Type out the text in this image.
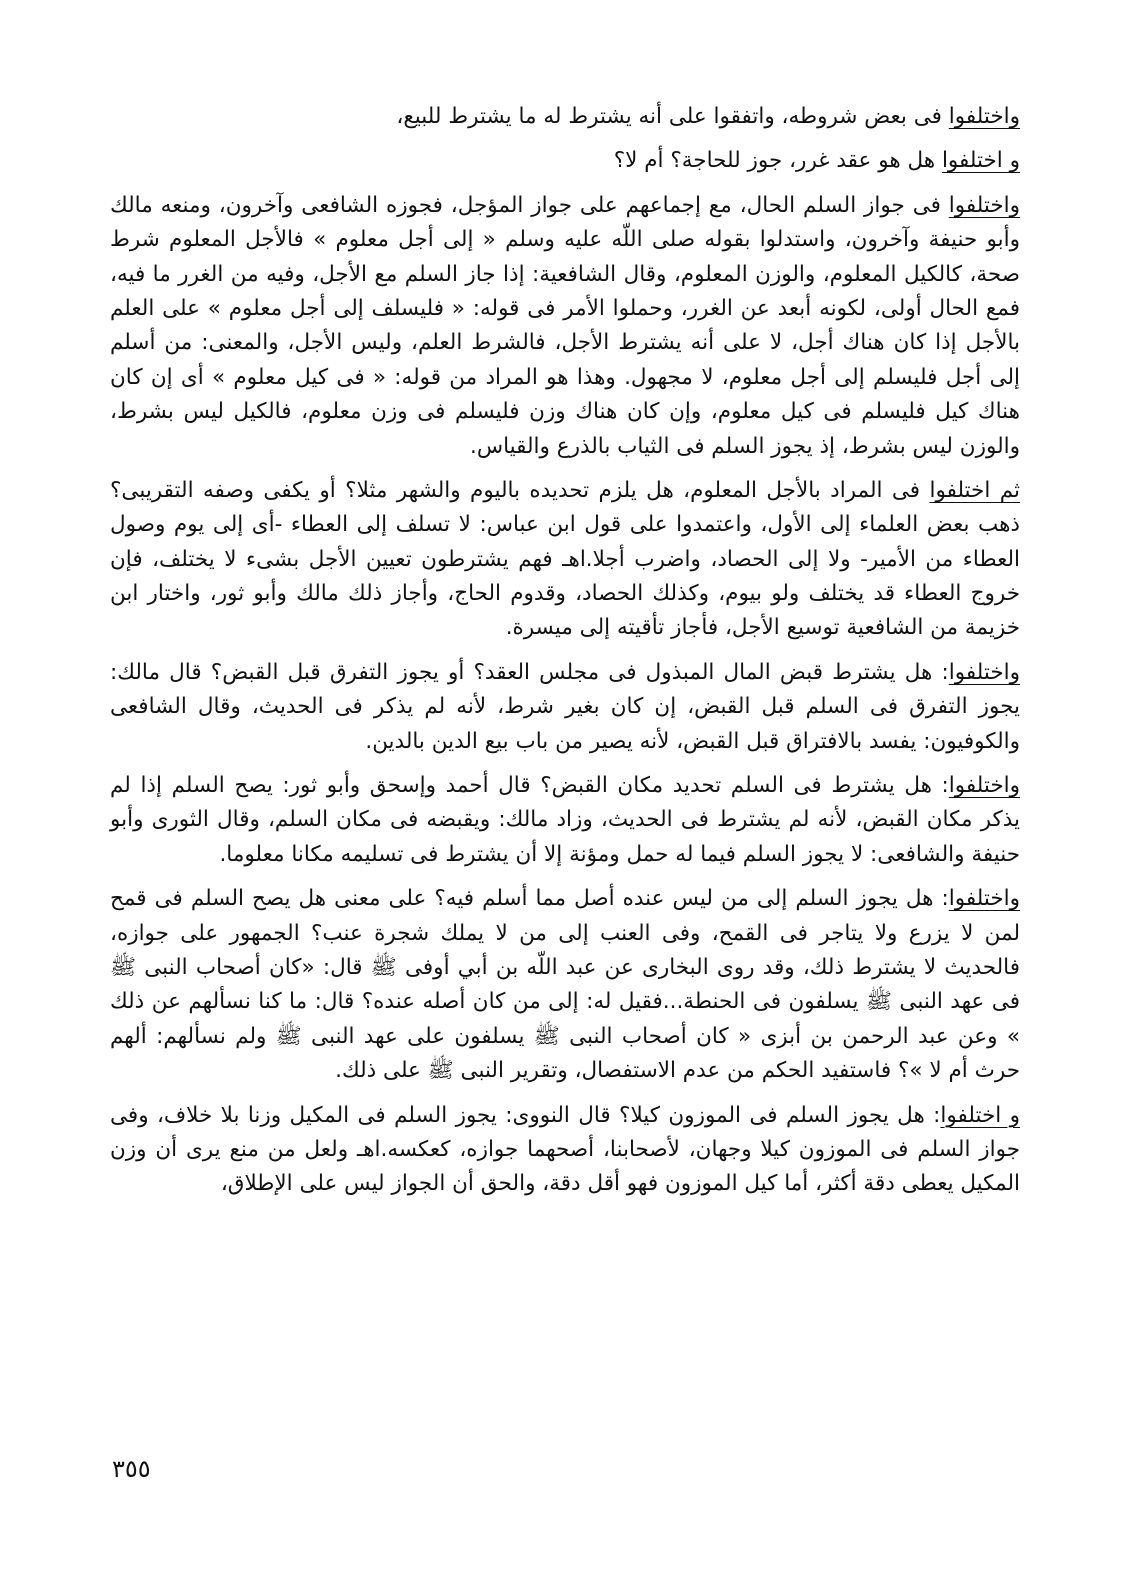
واختلفوا فى بعض شروطه، واتفقوا على أنه يشترط له ما يشترط للبيع،

و اختلفوا هل هو عقد غرر، جوز للحاجة؟ أم لا؟

واختلفوا فى جواز السلم الحال، مع إجماعهم على جواز المؤجل، فجوزه الشافعى وآخرون، ومنعه مالك وأبو حنيفة وآخرون، واستدلوا بقوله صلى اللّه عليه وسلم « إلى أجل معلوم » فالأجل المعلوم شرط صحة، كالكيل المعلوم، والوزن المعلوم، وقال الشافعية: إذا جاز السلم مع الأجل، وفيه من الغرر ما فيه، فمع الحال أولى، لكونه أبعد عن الغرر، وحملوا الأمر فى قوله: « فليسلف إلى أجل معلوم » على العلم بالأجل إذا كان هناك أجل، لا على أنه يشترط الأجل، فالشرط العلم، وليس الأجل، والمعنى: من أسلم إلى أجل فليسلم إلى أجل معلوم، لا مجهول. وهذا هو المراد من قوله: « فى كيل معلوم » أى إن كان هناك كيل فليسلم فى كيل معلوم، وإن كان هناك وزن فليسلم فى وزن معلوم، فالكيل ليس بشرط، والوزن ليس بشرط، إذ يجوز السلم فى الثياب بالذرع والقياس.

ثم اختلفوا فى المراد بالأجل المعلوم، هل يلزم تحديده باليوم والشهر مثلا؟ أو يكفى وصفه التقريبى؟ ذهب بعض العلماء إلى الأول، واعتمدوا على قول ابن عباس: لا تسلف إلى العطاء -أى إلى يوم وصول العطاء من الأمير- ولا إلى الحصاد، واضرب أجلا.اهـ فهم يشترطون تعيين الأجل بشىء لا يختلف، فإن خروج العطاء قد يختلف ولو بيوم، وكذلك الحصاد، وقدوم الحاج، وأجاز ذلك مالك وأبو ثور، واختار ابن خزيمة من الشافعية توسيع الأجل، فأجاز تأقيته إلى ميسرة.

واختلفوا: هل يشترط قبض المال المبذول فى مجلس العقد؟ أو يجوز التفرق قبل القبض؟ قال مالك: يجوز التفرق فى السلم قبل القبض، إن كان بغير شرط، لأنه لم يذكر فى الحديث، وقال الشافعى والكوفيون: يفسد بالافتراق قبل القبض، لأنه يصير من باب بيع الدين بالدين.

واختلفوا: هل يشترط فى السلم تحديد مكان القبض؟ قال أحمد وإسحق وأبو ثور: يصح السلم إذا لم يذكر مكان القبض، لأنه لم يشترط فى الحديث، وزاد مالك: ويقبضه فى مكان السلم، وقال الثورى وأبو حنيفة والشافعى: لا يجوز السلم فيما له حمل ومؤنة إلا أن يشترط فى تسليمه مكانا معلوما.

واختلفوا: هل يجوز السلم إلى من ليس عنده أصل مما أسلم فيه؟ على معنى هل يصح السلم فى قمح لمن لا يزرع ولا يتاجر فى القمح، وفى العنب إلى من لا يملك شجرة عنب؟ الجمهور على جوازه، فالحديث لا يشترط ذلك، وقد روى البخارى عن عبد اللّه بن أبي أوفى ﷺ قال: «كان أصحاب النبى ﷺ فى عهد النبى ﷺ يسلفون فى الحنطة...فقيل له: إلى من كان أصله عنده؟ قال: ما كنا نسألهم عن ذلك » وعن عبد الرحمن بن أبزى « كان أصحاب النبى ﷺ يسلفون على عهد النبى ﷺ ولم نسألهم: ألهم حرث أم لا »؟ فاستفيد الحكم من عدم الاستفصال، وتقرير النبى ﷺ على ذلك.

و اختلفوا: هل يجوز السلم فى الموزون كيلا؟ قال النووى: يجوز السلم فى المكيل وزنا بلا خلاف، وفى جواز السلم فى الموزون كيلا وجهان، لأصحابنا، أصحهما جوازه، كعكسه.اهـ ولعل من منع يرى أن وزن المكيل يعطى دقة أكثر، أما كيل الموزون فهو أقل دقة، والحق أن الجواز ليس على الإطلاق،

٣٥٥
